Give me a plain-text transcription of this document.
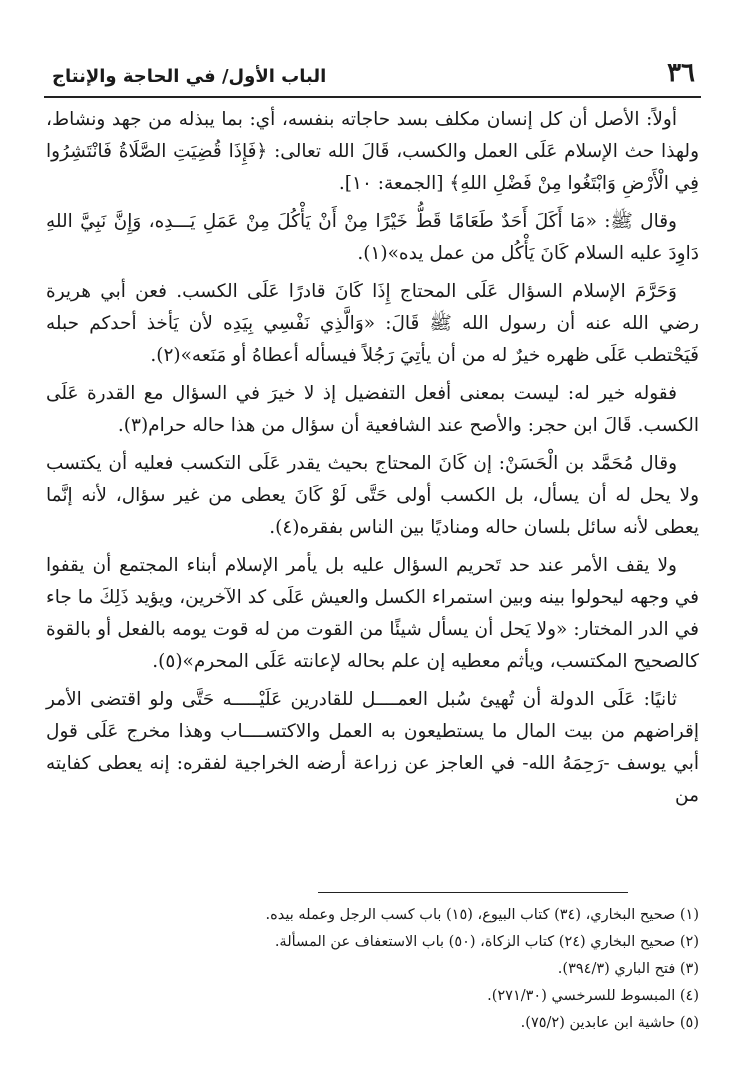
٣٦
الباب الأول/ في الحاجة والإنتاج

أولاً: الأصل أن كل إنسان مكلف بسد حاجاته بنفسه، أي: بما يبذله من جهد ونشاط، ولهذا حث الإسلام عَلَى العمل والكسب، قَالَ الله تعالى: ﴿فَإِذَا قُضِيَتِ الصَّلَاةُ فَانْتَشِرُوا فِي الْأَرْضِ وَابْتَغُوا مِنْ فَضْلِ اللهِ﴾ [الجمعة: ١٠].

وقال ﷺ: «مَا أَكَلَ أَحَدٌ طَعَامًا قَطُّ خَيْرًا مِنْ أَنْ يَأْكُلَ مِنْ عَمَلِ يَـــدِه، وَإِنَّ نَبِيَّ اللهِ دَاوِدَ عليه السلام كَانَ يَأْكُل من عمل يده»(١).

وَحَرَّمَ الإسلام السؤال عَلَى المحتاج إِذَا كَانَ قادرًا عَلَى الكسب. فعن أبي هريرة رضي الله عنه أن رسول الله ﷺ قَالَ: «وَالَّذِي نَفْسِي بِيَدِه لأن يَأخذ أحدكم حبله فَيَحْتطب عَلَى ظهره خيرٌ له من أن يأتِيَ رَجُلاً فيسأله أعطاهُ أو مَنَعه»(٢).

فقوله خير له: ليست بمعنى أفعل التفضيل إذ لا خيرَ في السؤال مع القدرة عَلَى الكسب. قَالَ ابن حجر: والأصح عند الشافعية أن سؤال من هذا حاله حرام(٣).

وقال مُحَمَّد بن الْحَسَنْ: إن كَانَ المحتاج بحيث يقدر عَلَى التكسب فعليه أن يكتسب ولا يحل له أن يسأل، بل الكسب أولى حَتَّى لَوْ كَانَ يعطى من غير سؤال، لأنه إنَّما يعطى لأنه سائل بلسان حاله ومناديًا بين الناس بفقره(٤).

ولا يقف الأمر عند حد تَحريم السؤال عليه بل يأمر الإسلام أبناء المجتمع أن يقفوا في وجهه ليحولوا بينه وبين استمراء الكسل والعيش عَلَى كد الآخرين، ويؤيد ذَلِكَ ما جاء في الدر المختار: «ولا يَحل أن يسأل شيئًا من القوت من له قوت يومه بالفعل أو بالقوة كالصحيح المكتسب، ويأثم معطيه إن علم بحاله لإعانته عَلَى المحرم»(٥).

ثانيًا: عَلَى الدولة أن تُهيئ سُبل العمــــل للقادرين عَلَيْـــــه حَتَّى ولو اقتضى الأمر إقراضهم من بيت المال ما يستطيعون به العمل والاكتســــاب وهذا مخرج عَلَى قول أبي يوسف -رَحِمَهُ الله- في العاجز عن زراعة أرضه الخراجية لفقره: إنه يعطى كفايته من

(١) صحيح البخاري، (٣٤) كتاب البيوع، (١٥) باب كسب الرجل وعمله بيده.

(٢) صحيح البخاري (٢٤) كتاب الزكاة، (٥٠) باب الاستعفاف عن المسألة.

(٣) فتح الباري (٣٩٤/٣).

(٤) المبسوط للسرخسي (٢٧١/٣٠).

(٥) حاشية ابن عابدين (٧٥/٢).
